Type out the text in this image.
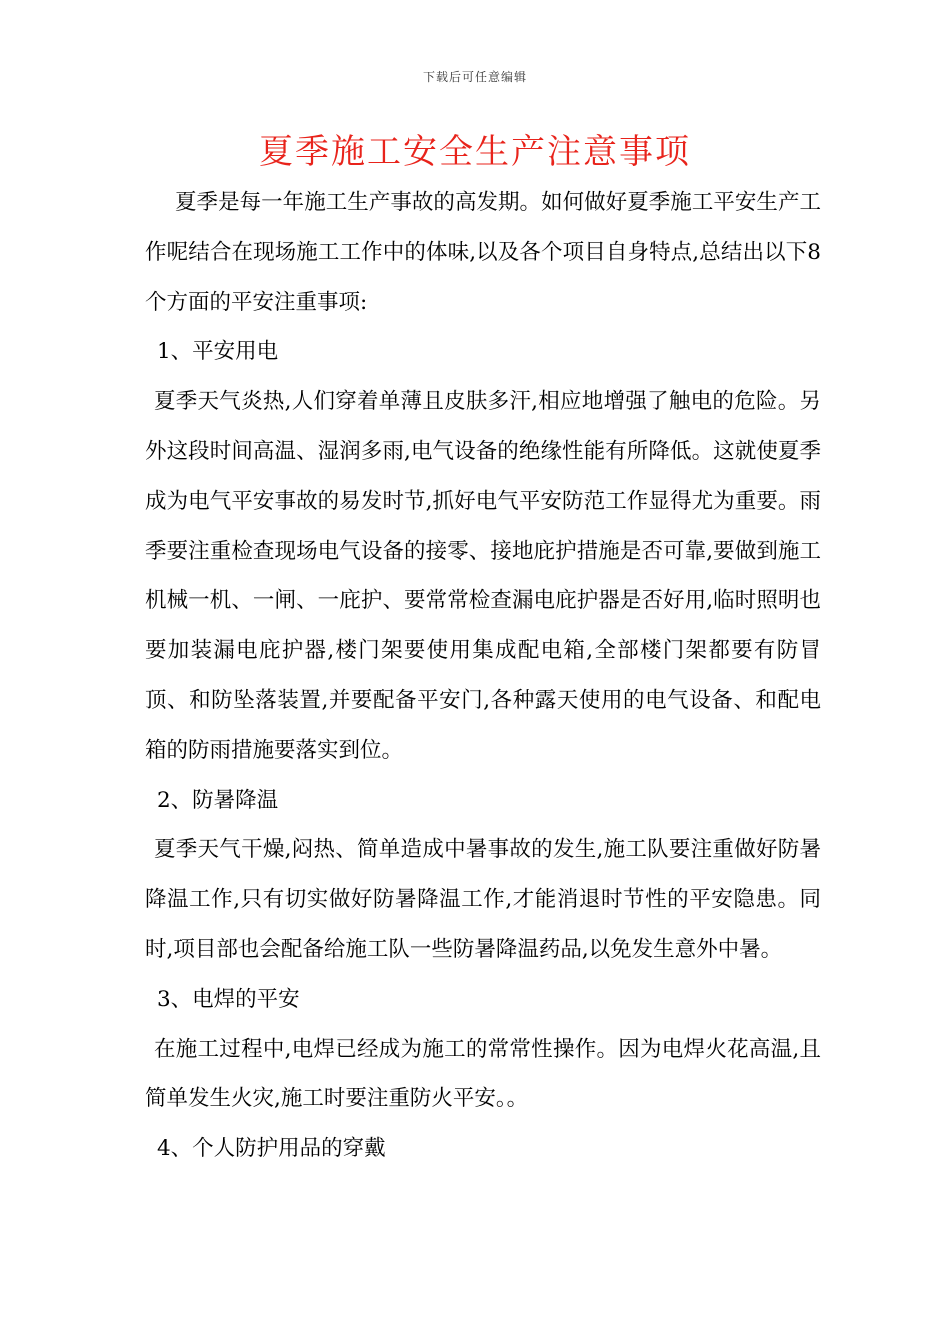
下载后可任意编辑
夏季施工安全生产注意事项

夏季是每一年施工生产事故的高发期。如何做好夏季施工平安生产工作呢结合在现场施工工作中的体味,以及各个项目自身特点,总结出以下8个方面的平安注重事项:

1、平安用电

夏季天气炎热,人们穿着单薄且皮肤多汗,相应地增强了触电的危险。另外这段时间高温、湿润多雨,电气设备的绝缘性能有所降低。这就使夏季成为电气平安事故的易发时节,抓好电气平安防范工作显得尤为重要。雨季要注重检查现场电气设备的接零、接地庇护措施是否可靠,要做到施工机械一机、一闸、一庇护、要常常检查漏电庇护器是否好用,临时照明也要加装漏电庇护器,楼门架要使用集成配电箱,全部楼门架都要有防冒顶、和防坠落装置,并要配备平安门,各种露天使用的电气设备、和配电箱的防雨措施要落实到位。

2、防暑降温

夏季天气干燥,闷热、简单造成中暑事故的发生,施工队要注重做好防暑降温工作,只有切实做好防暑降温工作,才能消退时节性的平安隐患。同时,项目部也会配备给施工队一些防暑降温药品,以免发生意外中暑。

3、电焊的平安

在施工过程中,电焊已经成为施工的常常性操作。因为电焊火花高温,且简单发生火灾,施工时要注重防火平安。。

4、个人防护用品的穿戴
